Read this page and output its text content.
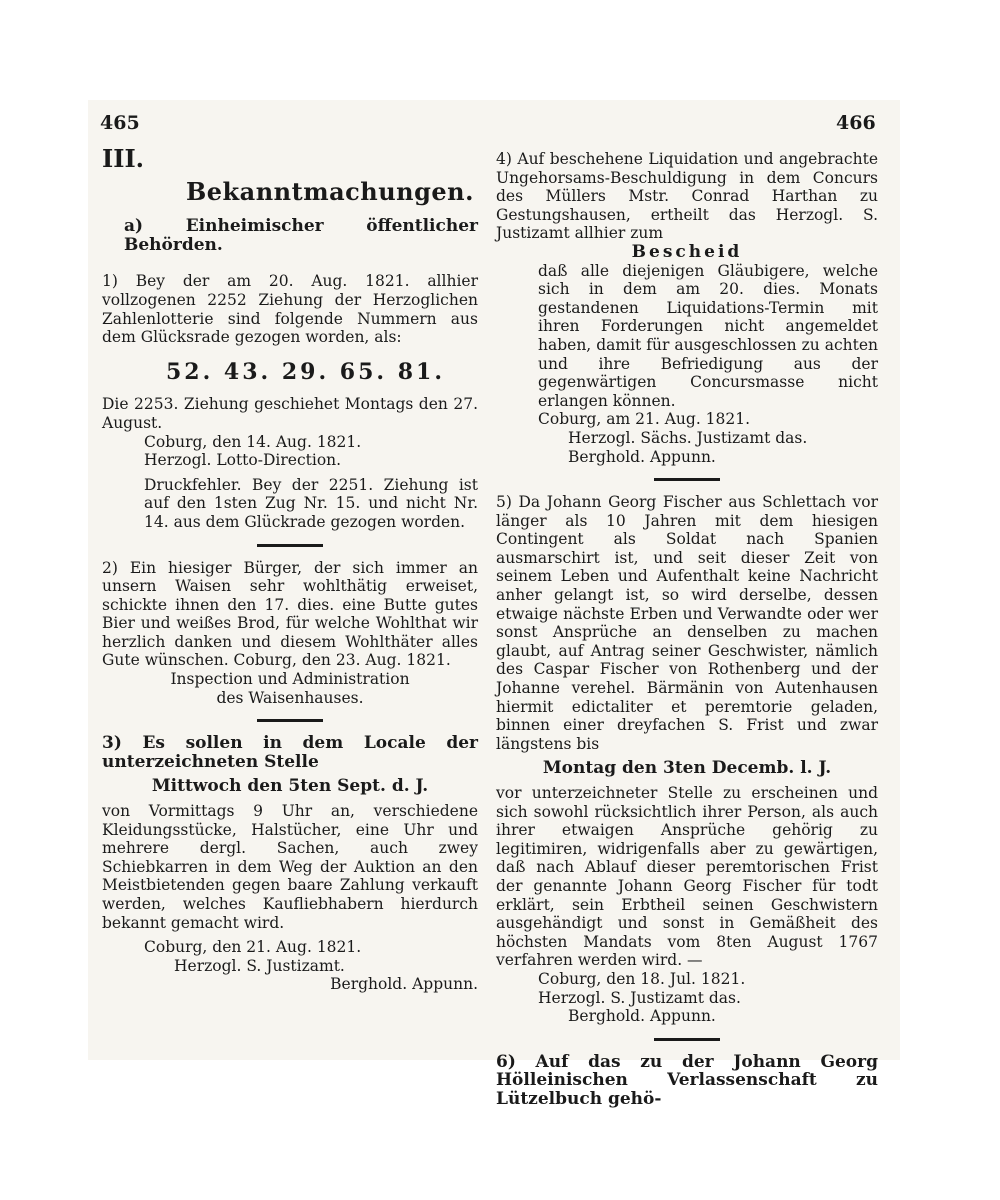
465	466

III.

Bekanntmachungen.

a) Einheimischer öffentlicher Behörden.

1) Bey der am 20. Aug. 1821. allhier vollzogenen 2252 Ziehung der Herzoglichen Zahlenlotterie sind folgende Nummern aus dem Glücksrade gezogen worden, als:

52. 43. 29. 65. 81.

Die 2253. Ziehung geschiehet Montags den 27. August.

Coburg, den 14. Aug. 1821.

Herzogl. Lotto-Direction.

Druckfehler. Bey der 2251. Ziehung ist auf den 1sten Zug Nr. 15. und nicht Nr. 14. aus dem Glückrade gezogen worden.

2) Ein hiesiger Bürger, der sich immer an unsern Waisen sehr wohlthätig erweiset, schickte ihnen den 17. dies. eine Butte gutes Bier und weißes Brod, für welche Wohlthat wir herzlich danken und diesem Wohlthäter alles Gute wünschen. Coburg, den 23. Aug. 1821.

Inspection und Administration

des Waisenhauses.

3) Es sollen in dem Locale der unterzeichneten Stelle

Mittwoch den 5ten Sept. d. J.

von Vormittags 9 Uhr an, verschiedene Kleidungsstücke, Halstücher, eine Uhr und mehrere dergl. Sachen, auch zwey Schiebkarren in dem Weg der Auktion an den Meistbietenden gegen baare Zahlung verkauft werden, welches Kaufliebhabern hierdurch bekannt gemacht wird.

Coburg, den 21. Aug. 1821.

Herzogl. S. Justizamt.

Berghold. Appunn.

4) Auf beschehene Liquidation und angebrachte Ungehorsams-Beschuldigung in dem Concurs des Müllers Mstr. Conrad Harthan zu Gestungshausen, ertheilt das Herzogl. S. Justizamt allhier zum

Bescheid

daß alle diejenigen Gläubigere, welche sich in dem am 20. dies. Monats gestandenen Liquidations-Termin mit ihren Forderungen nicht angemeldet haben, damit für ausgeschlossen zu achten und ihre Befriedigung aus der gegenwärtigen Concursmasse nicht erlangen können.

Coburg, am 21. Aug. 1821.

Herzogl. Sächs. Justizamt das.

Berghold. Appunn.

5) Da Johann Georg Fischer aus Schlettach vor länger als 10 Jahren mit dem hiesigen Contingent als Soldat nach Spanien ausmarschirt ist, und seit dieser Zeit von seinem Leben und Aufenthalt keine Nachricht anher gelangt ist, so wird derselbe, dessen etwaige nächste Erben und Verwandte oder wer sonst Ansprüche an denselben zu machen glaubt, auf Antrag seiner Geschwister, nämlich des Caspar Fischer von Rothenberg und der Johanne verehel. Bärmänin von Autenhausen hiermit edictaliter et peremtorie geladen, binnen einer dreyfachen S. Frist und zwar längstens bis

Montag den 3ten Decemb. l. J.

vor unterzeichneter Stelle zu erscheinen und sich sowohl rücksichtlich ihrer Person, als auch ihrer etwaigen Ansprüche gehörig zu legitimiren, widrigenfalls aber zu gewärtigen, daß nach Ablauf dieser peremtorischen Frist der genannte Johann Georg Fischer für todt erklärt, sein Erbtheil seinen Geschwistern ausgehändigt und sonst in Gemäßheit des höchsten Mandats vom 8ten August 1767 verfahren werden wird. —

Coburg, den 18. Jul. 1821.

Herzogl. S. Justizamt das.

Berghold. Appunn.

6) Auf das zu der Johann Georg Hölleinischen Verlassenschaft zu Lützelbuch gehö-
